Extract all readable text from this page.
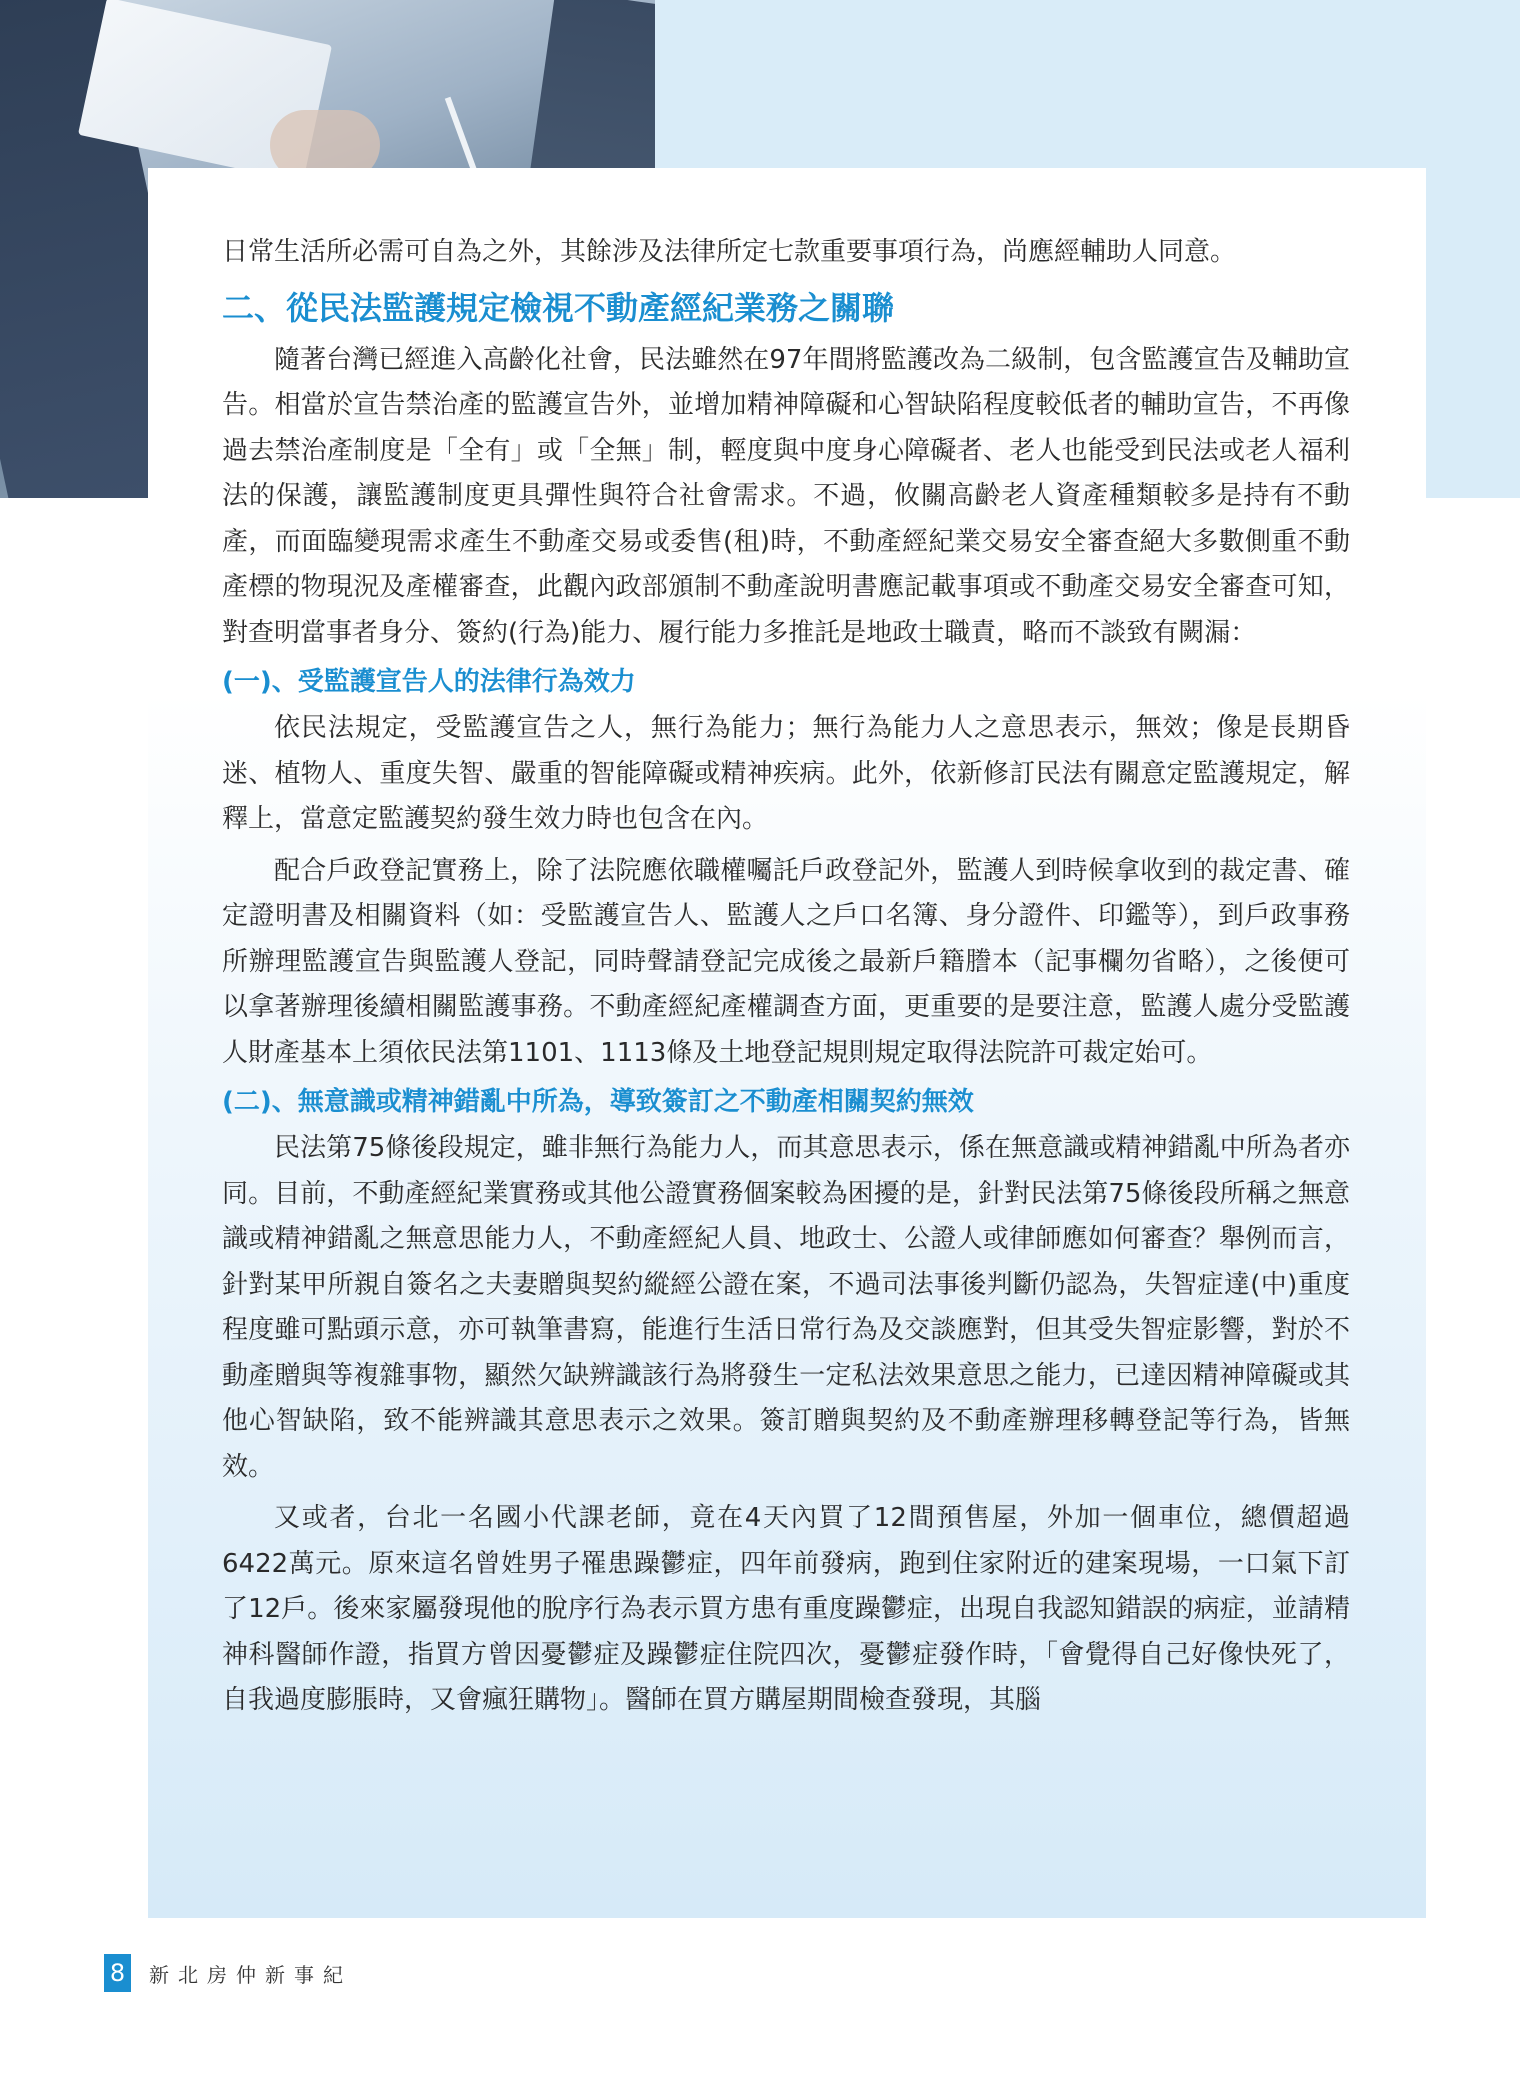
日常生活所必需可自為之外，其餘涉及法律所定七款重要事項行為，尚應經輔助人同意。

二、從民法監護規定檢視不動產經紀業務之關聯

隨著台灣已經進入高齡化社會，民法雖然在97年間將監護改為二級制，包含監護宣告及輔助宣告。相當於宣告禁治產的監護宣告外，並增加精神障礙和心智缺陷程度較低者的輔助宣告，不再像過去禁治產制度是「全有」或「全無」制，輕度與中度身心障礙者、老人也能受到民法或老人福利法的保護，讓監護制度更具彈性與符合社會需求。不過，攸關高齡老人資產種類較多是持有不動產，而面臨變現需求產生不動產交易或委售(租)時，不動產經紀業交易安全審查絕大多數側重不動產標的物現況及產權審查，此觀內政部頒制不動產說明書應記載事項或不動產交易安全審查可知，對查明當事者身分、簽約(行為)能力、履行能力多推託是地政士職責，略而不談致有闕漏：

(一)、受監護宣告人的法律行為效力

依民法規定，受監護宣告之人，無行為能力；無行為能力人之意思表示，無效；像是長期昏迷、植物人、重度失智、嚴重的智能障礙或精神疾病。此外，依新修訂民法有關意定監護規定，解釋上，當意定監護契約發生效力時也包含在內。

配合戶政登記實務上，除了法院應依職權囑託戶政登記外，監護人到時候拿收到的裁定書、確定證明書及相關資料（如：受監護宣告人、監護人之戶口名簿、身分證件、印鑑等），到戶政事務所辦理監護宣告與監護人登記，同時聲請登記完成後之最新戶籍謄本（記事欄勿省略），之後便可以拿著辦理後續相關監護事務。不動產經紀產權調查方面，更重要的是要注意，監護人處分受監護人財產基本上須依民法第1101、1113條及土地登記規則規定取得法院許可裁定始可。

(二)、無意識或精神錯亂中所為，導致簽訂之不動產相關契約無效

民法第75條後段規定，雖非無行為能力人，而其意思表示，係在無意識或精神錯亂中所為者亦同。目前，不動產經紀業實務或其他公證實務個案較為困擾的是，針對民法第75條後段所稱之無意識或精神錯亂之無意思能力人，不動產經紀人員、地政士、公證人或律師應如何審查？舉例而言，針對某甲所親自簽名之夫妻贈與契約縱經公證在案，不過司法事後判斷仍認為，失智症達(中)重度程度雖可點頭示意，亦可執筆書寫，能進行生活日常行為及交談應對，但其受失智症影響，對於不動產贈與等複雜事物，顯然欠缺辨識該行為將發生一定私法效果意思之能力，已達因精神障礙或其他心智缺陷，致不能辨識其意思表示之效果。簽訂贈與契約及不動產辦理移轉登記等行為，皆無效。

又或者，台北一名國小代課老師，竟在4天內買了12間預售屋，外加一個車位，總價超過6422萬元。原來這名曾姓男子罹患躁鬱症，四年前發病，跑到住家附近的建案現場，一口氣下訂了12戶。後來家屬發現他的脫序行為表示買方患有重度躁鬱症，出現自我認知錯誤的病症，並請精神科醫師作證，指買方曾因憂鬱症及躁鬱症住院四次，憂鬱症發作時，「會覺得自己好像快死了，自我過度膨脹時，又會瘋狂購物」。醫師在買方購屋期間檢查發現，其腦

8 新北房仲新事紀
